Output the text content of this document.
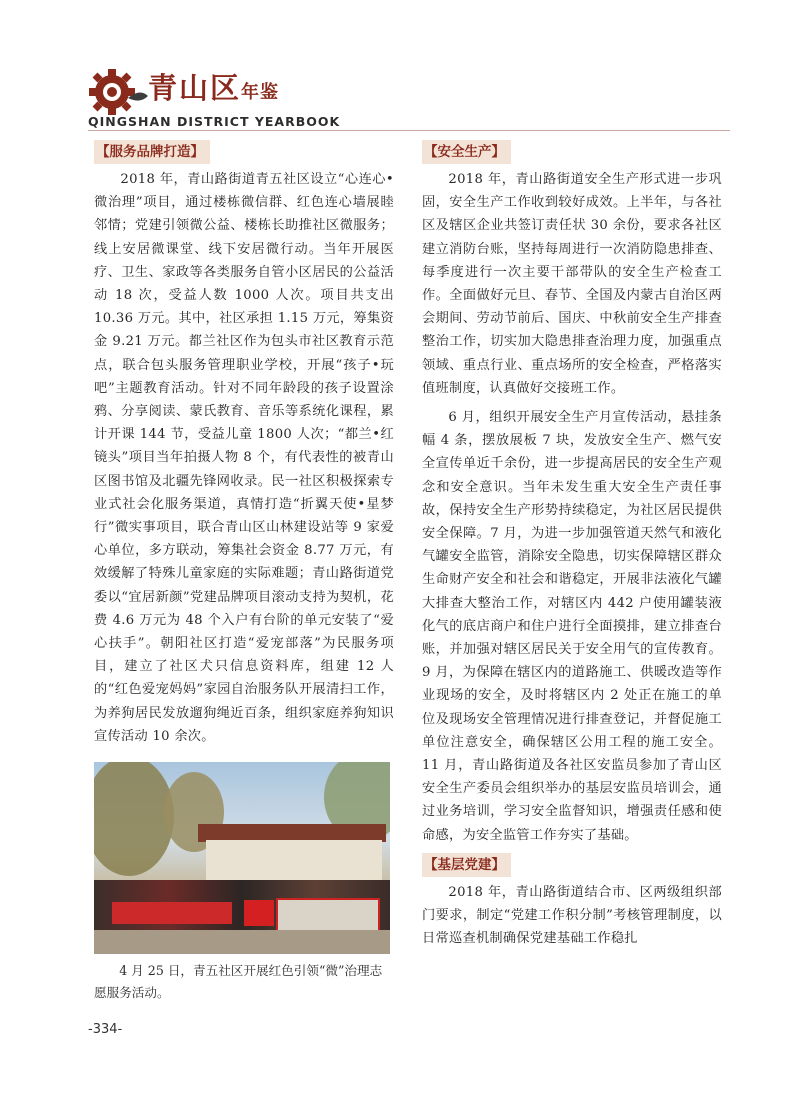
青山区年鉴
QINGSHAN DISTRICT YEARBOOK
【服务品牌打造】

2018 年，青山路街道青五社区设立“心连心•微治理”项目，通过楼栋微信群、红色连心墙展睦邻情；党建引领微公益、楼栋长助推社区微服务；线上安居微课堂、线下安居微行动。当年开展医疗、卫生、家政等各类服务自管小区居民的公益活动 18 次，受益人数 1000 人次。项目共支出 10.36 万元。其中，社区承担 1.15 万元，筹集资金 9.21 万元。都兰社区作为包头市社区教育示范点，联合包头服务管理职业学校，开展“孩子•玩吧”主题教育活动。针对不同年龄段的孩子设置涂鸦、分享阅读、蒙氏教育、音乐等系统化课程，累计开课 144 节，受益儿童 1800 人次；“都兰•红镜头”项目当年拍摄人物 8 个，有代表性的被青山区图书馆及北疆先锋网收录。民一社区积极探索专业式社会化服务渠道，真情打造“折翼天使•星梦行”微实事项目，联合青山区山林建设站等 9 家爱心单位，多方联动，筹集社会资金 8.77 万元，有效缓解了特殊儿童家庭的实际难题；青山路街道党委以“宜居新颜”党建品牌项目滚动支持为契机，花费 4.6 万元为 48 个入户有台阶的单元安装了“爱心扶手”。朝阳社区打造“爱宠部落”为民服务项目，建立了社区犬只信息资料库，组建 12 人的“红色爱宠妈妈”家园自治服务队开展清扫工作，为养狗居民发放遛狗绳近百条，组织家庭养狗知识宣传活动 10 余次。

4 月 25 日，青五社区开展红色引领“微”治理志愿服务活动。
【安全生产】

2018 年，青山路街道安全生产形式进一步巩固，安全生产工作收到较好成效。上半年，与各社区及辖区企业共签订责任状 30 余份，要求各社区建立消防台账，坚持每周进行一次消防隐患排查、每季度进行一次主要干部带队的安全生产检查工作。全面做好元旦、春节、全国及内蒙古自治区两会期间、劳动节前后、国庆、中秋前安全生产排查整治工作，切实加大隐患排查治理力度，加强重点领域、重点行业、重点场所的安全检查，严格落实值班制度，认真做好交接班工作。

6 月，组织开展安全生产月宣传活动，悬挂条幅 4 条，摆放展板 7 块，发放安全生产、燃气安全宣传单近千余份，进一步提高居民的安全生产观念和安全意识。当年未发生重大安全生产责任事故，保持安全生产形势持续稳定，为社区居民提供安全保障。7 月，为进一步加强管道天然气和液化气罐安全监管，消除安全隐患，切实保障辖区群众生命财产安全和社会和谐稳定，开展非法液化气罐大排查大整治工作，对辖区内 442 户使用罐装液化气的底店商户和住户进行全面摸排，建立排查台账，并加强对辖区居民关于安全用气的宣传教育。9 月，为保障在辖区内的道路施工、供暖改造等作业现场的安全，及时将辖区内 2 处正在施工的单位及现场安全管理情况进行排查登记，并督促施工单位注意安全，确保辖区公用工程的施工安全。11 月，青山路街道及各社区安监员参加了青山区安全生产委员会组织举办的基层安监员培训会，通过业务培训，学习安全监督知识，增强责任感和使命感，为安全监管工作夯实了基础。

【基层党建】

2018 年，青山路街道结合市、区两级组织部门要求，制定“党建工作积分制”考核管理制度，以日常巡查机制确保党建基础工作稳扎

-334-
